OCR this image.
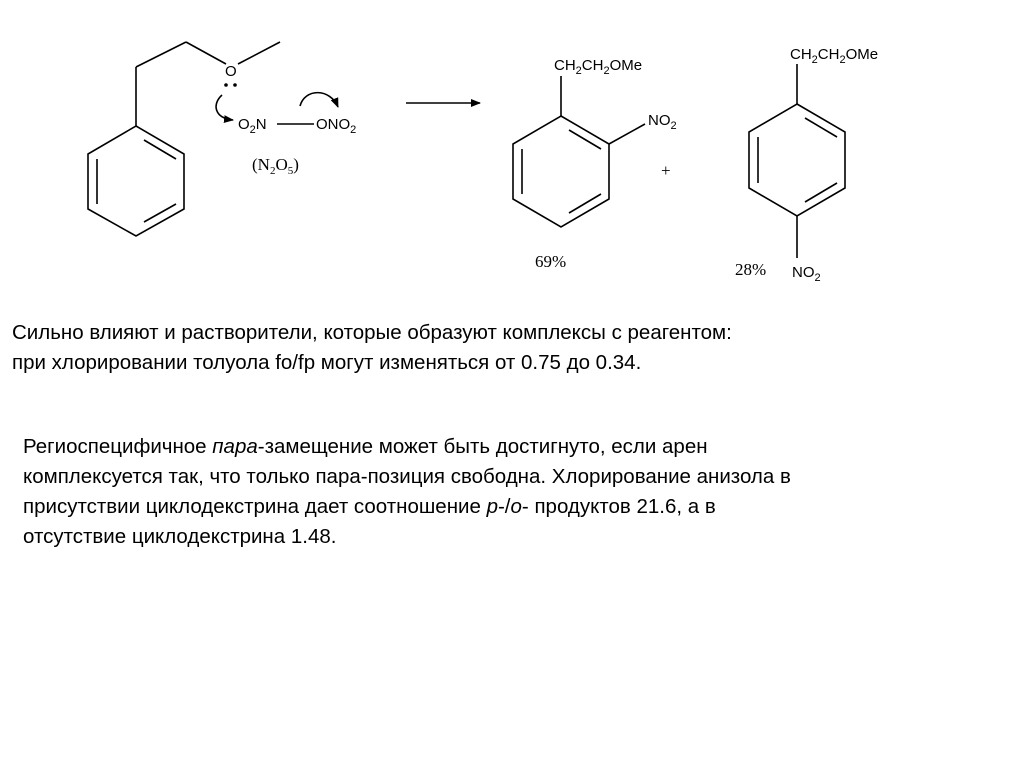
O
$O_2N$	$ONO_2$
$(N_2O_5)$
$CH_2CH_2OMe$
$NO_2$
69%
+
$CH_2CH_2OMe$
$NO_2$
28%
Сильно влияют и растворители, которые образуют комплексы с реагентом:
при хлорировании толуола fo/fp могут изменяться от 0.75 до 0.34.
Региоспецифичное пара-замещение может быть достигнуто, если арен
комплексуется так, что только пара-позиция свободна. Хлорирование анизола в
присутствии циклодекстрина дает соотношение p-/o- продуктов 21.6, а в
отсутствие циклодекстрина 1.48.
